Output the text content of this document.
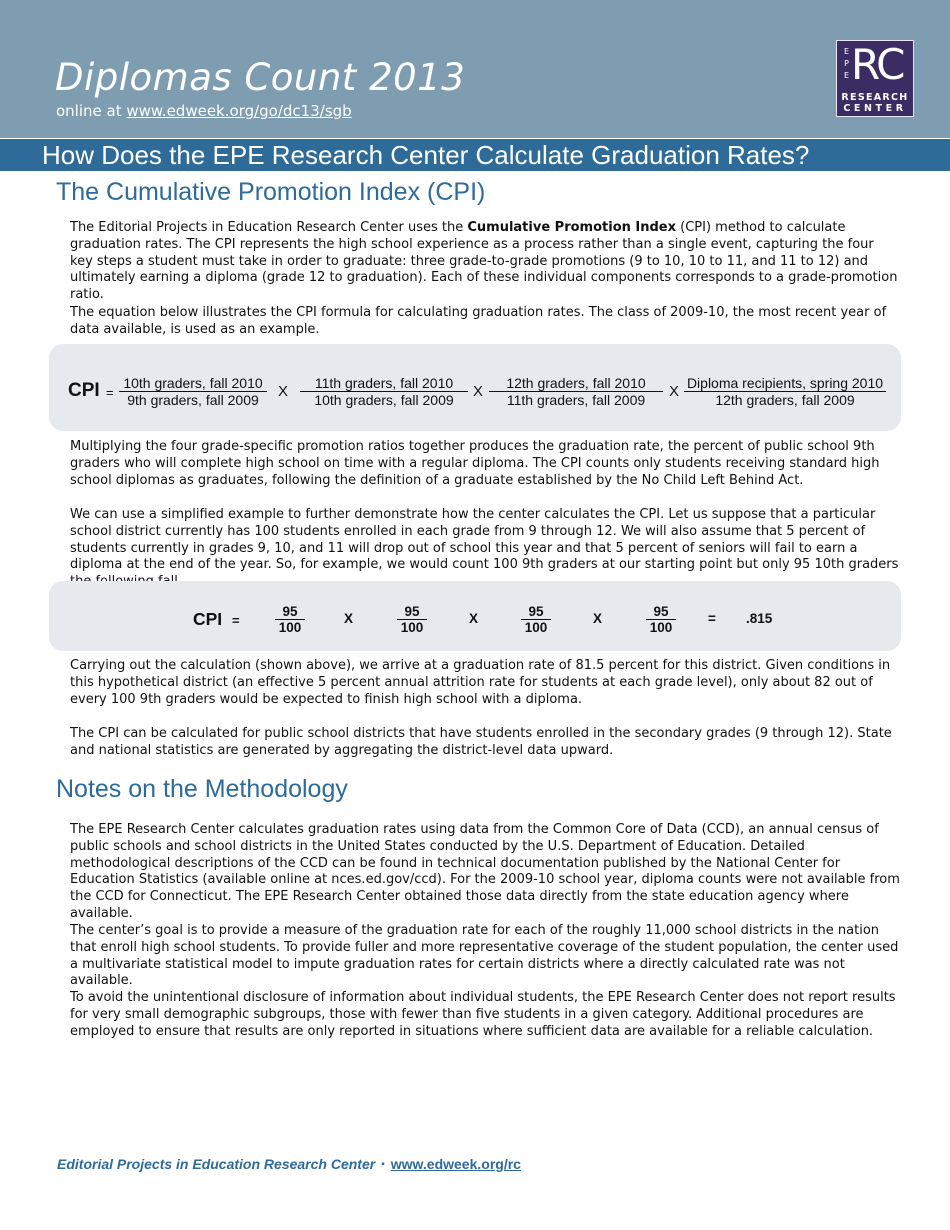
Diplomas Count 2013
online at www.edweek.org/go/dc13/sgb
E
P
E RC
RESEARCH
CENTER
How Does the EPE Research Center Calculate Graduation Rates?
The Cumulative Promotion Index (CPI)

The Editorial Projects in Education Research Center uses the Cumulative Promotion Index (CPI) method to calculate graduation rates. The CPI represents the high school experience as a process rather than a single event, capturing the four key steps a student must take in order to graduate: three grade-to-grade promotions (9 to 10, 10 to 11, and 11 to 12) and ultimately earning a diploma (grade 12 to graduation). Each of these individual components corresponds to a grade-promotion ratio.

The equation below illustrates the CPI formula for calculating graduation rates. The class of 2009-10, the most recent year of data available, is used as an example.

CPI =
10th graders, fall 2010
9th graders, fall 2009	X	11th graders, fall 2010
10th graders, fall 2009	X	12th graders, fall 2010
11th graders, fall 2009	X Diploma recipients, spring 2010
12th graders, fall 2009

Multiplying the four grade-specific promotion ratios together produces the graduation rate, the percent of public school 9th graders who will complete high school on time with a regular diploma. The CPI counts only students receiving standard high school diplomas as graduates, following the definition of a graduate established by the No Child Left Behind Act.

We can use a simplified example to further demonstrate how the center calculates the CPI. Let us suppose that a particular school district currently has 100 students enrolled in each grade from 9 through 12. We will also assume that 5 percent of students currently in grades 9, 10, and 11 will drop out of school this year and that 5 percent of seniors will fail to earn a diploma at the end of the year. So, for example, we would count 100 9th graders at our starting point but only 95 10th graders

CPI =	$\frac{95}{100}$	X	$\frac{95}{100}$	X	$\frac{95}{100}$	X	$\frac{95}{100} = .815$

Carrying out the calculation (shown above), we arrive at a graduation rate of 81.5 percent for this district. Given conditions in this hypothetical district (an effective 5 percent annual attrition rate for students at each grade level), only about 82 out of every 100 9th graders would be expected to finish high school with a diploma.

The CPI can be calculated for public school districts that have students enrolled in the secondary grades (9 through 12). State and national statistics are generated by aggregating the district-level data upward.

Notes on the Methodology

The EPE Research Center calculates graduation rates using data from the Common Core of Data (CCD), an annual census of public schools and school districts in the United States conducted by the U.S. Department of Education. Detailed methodological descriptions of the CCD can be found in technical documentation published by the National Center for Education Statistics (available online at nces.ed.gov/ccd). For the 2009-10 school year, diploma counts were not available from the CCD for Connecticut. The EPE Research Center obtained those data directly from the state education agency where available.

The center’s goal is to provide a measure of the graduation rate for each of the roughly 11,000 school districts in the nation that enroll high school students. To provide fuller and more representative coverage of the student population, the center used a multivariate statistical model to impute graduation rates for certain districts where a directly calculated rate was not available.

To avoid the unintentional disclosure of information about individual students, the EPE Research Center does not report results for very small demographic subgroups, those with fewer than five students in a given category. Additional procedures are employed to ensure that results are only reported in situations where sufficient data are available for a reliable calculation.

Editorial Projects in Education Research Center ▪ www.edweek.org/rc
